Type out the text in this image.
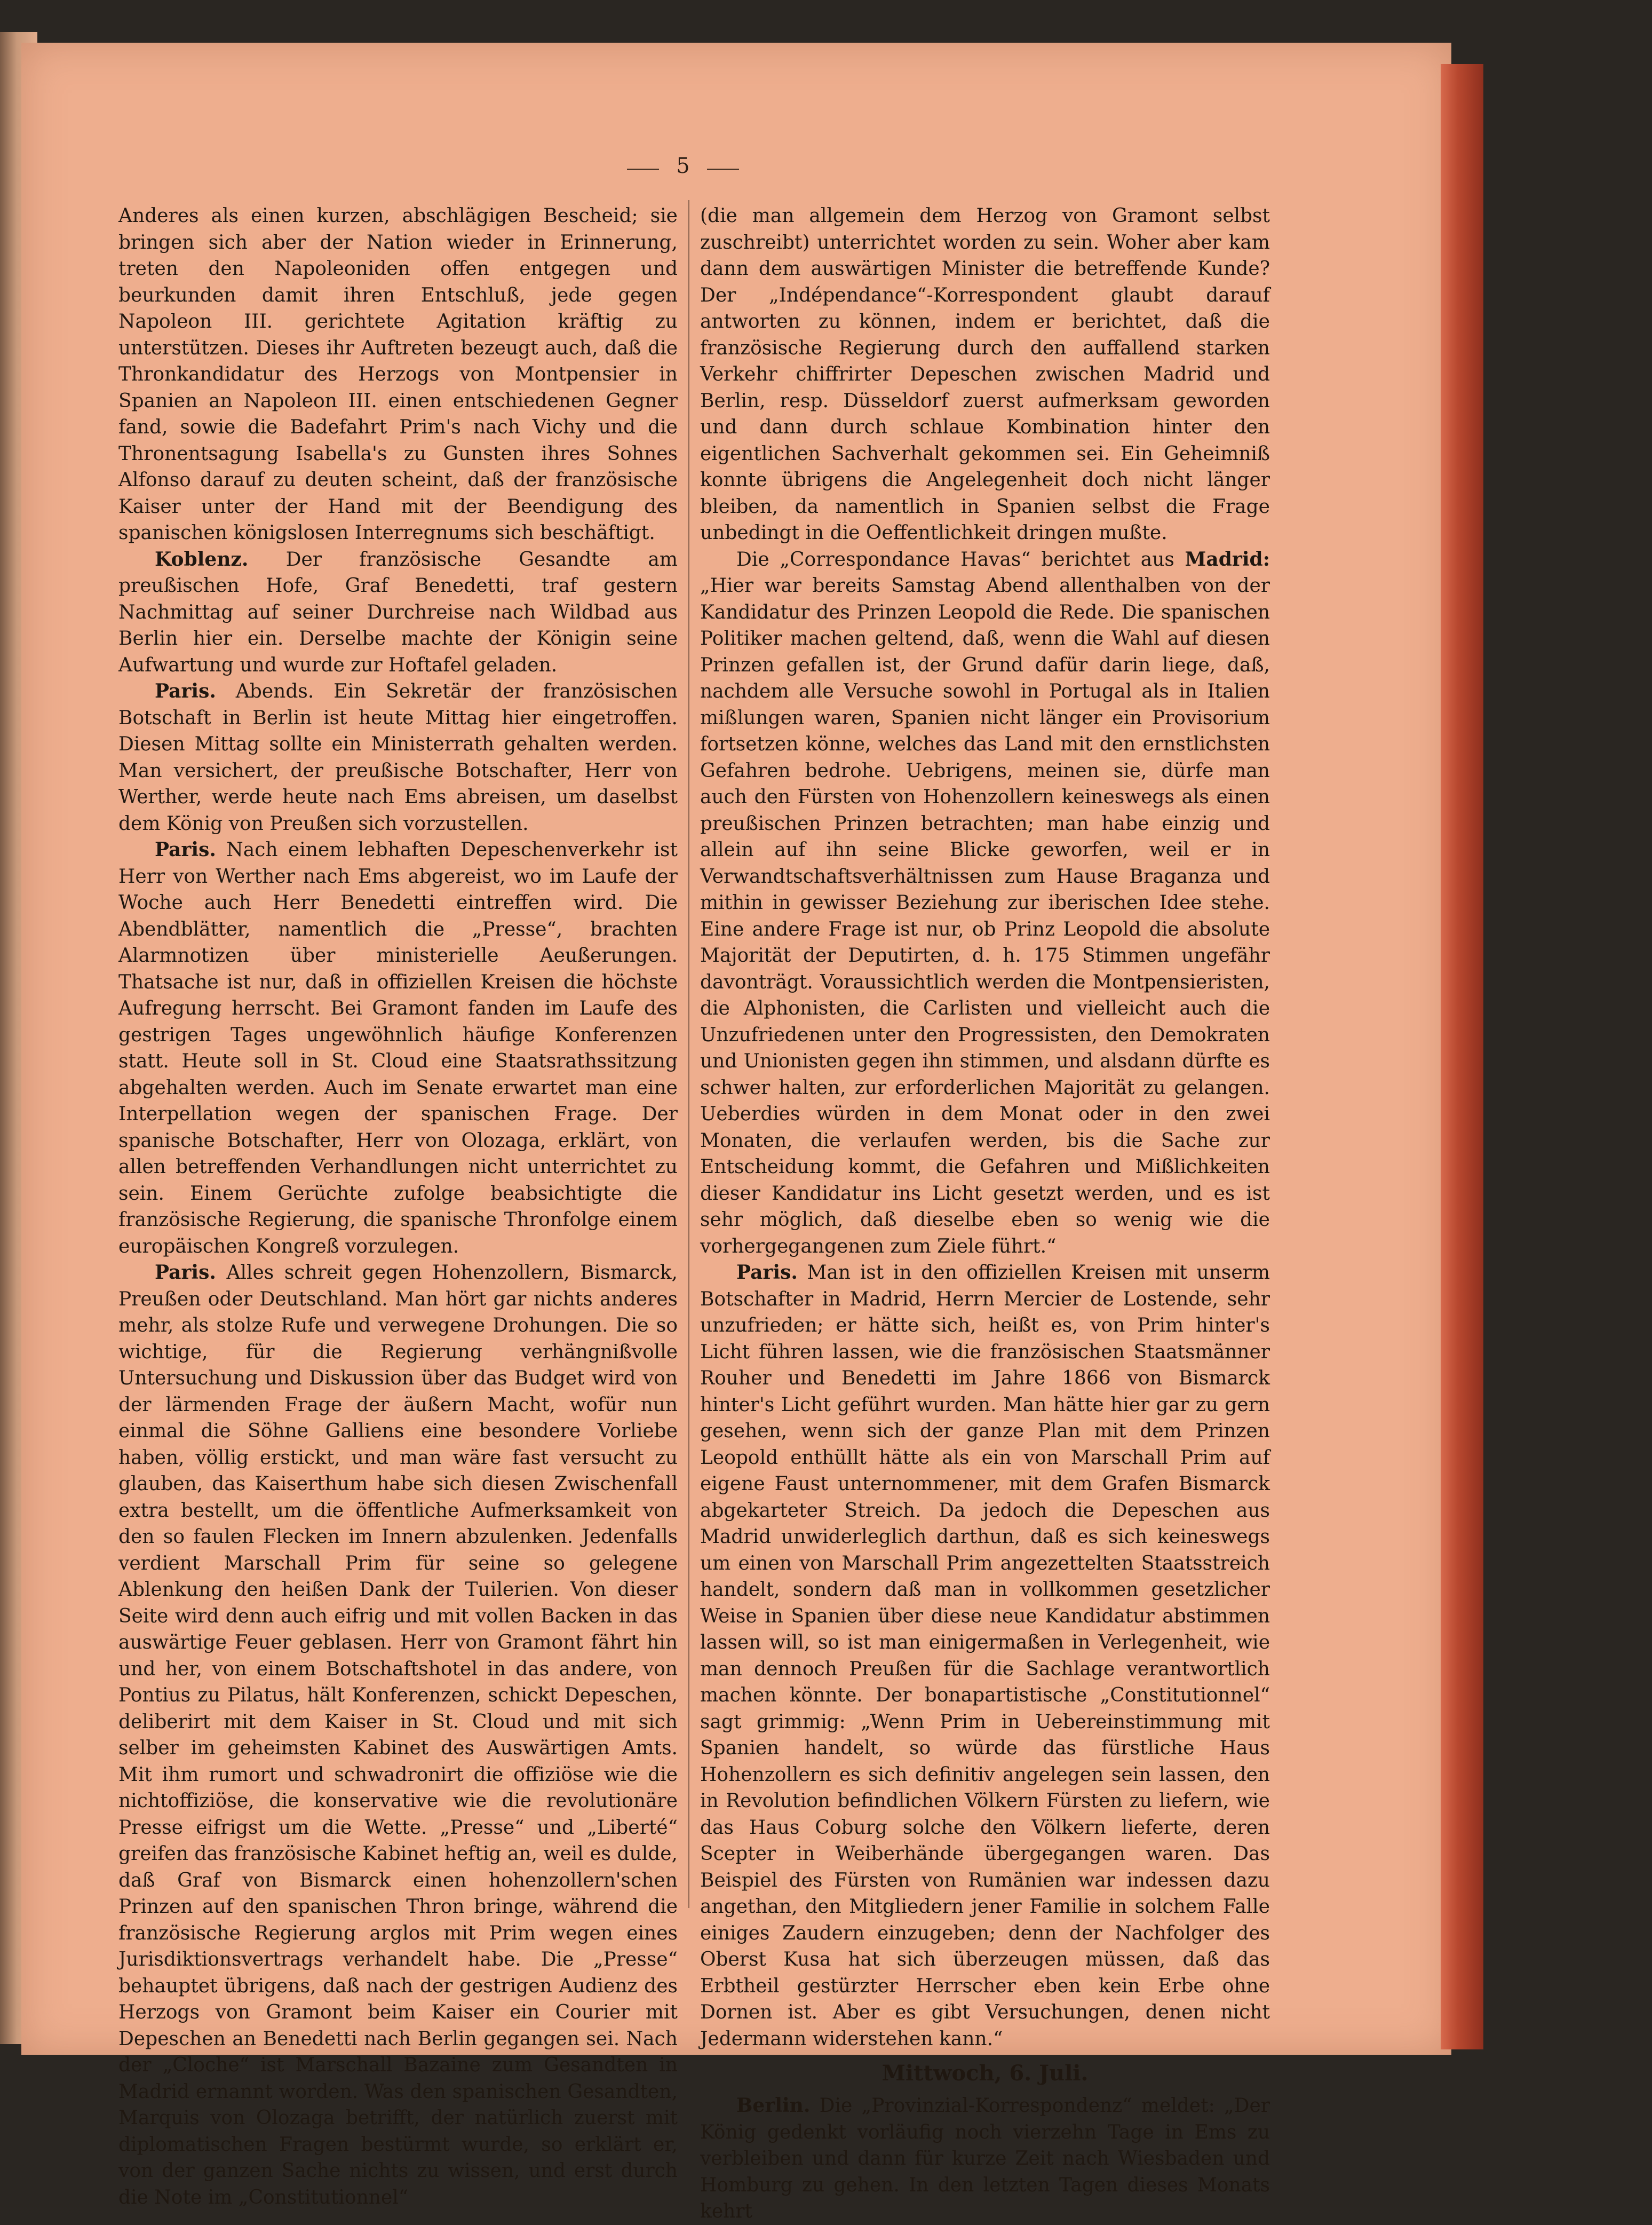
5

Anderes als einen kurzen, abschlägigen Bescheid; sie bringen sich aber der Nation wieder in Erinnerung, treten den Napoleoniden offen entgegen und beurkunden damit ihren Entschluß, jede gegen Napoleon III. gerichtete Agitation kräftig zu unterstützen. Dieses ihr Auftreten bezeugt auch, daß die Thronkandidatur des Herzogs von Montpensier in Spanien an Napoleon III. einen entschiedenen Gegner fand, sowie die Badefahrt Prim's nach Vichy und die Thronentsagung Isabella's zu Gunsten ihres Sohnes Alfonso darauf zu deuten scheint, daß der französische Kaiser unter der Hand mit der Beendigung des spanischen königslosen Interregnums sich beschäftigt.

Koblenz. Der französische Gesandte am preußischen Hofe, Graf Benedetti, traf gestern Nachmittag auf seiner Durchreise nach Wildbad aus Berlin hier ein. Derselbe machte der Königin seine Aufwartung und wurde zur Hoftafel geladen.

Paris. Abends. Ein Sekretär der französischen Botschaft in Berlin ist heute Mittag hier eingetroffen. Diesen Mittag sollte ein Ministerrath gehalten werden. Man versichert, der preußische Botschafter, Herr von Werther, werde heute nach Ems abreisen, um daselbst dem König von Preußen sich vorzustellen.

Paris. Nach einem lebhaften Depeschenverkehr ist Herr von Werther nach Ems abgereist, wo im Laufe der Woche auch Herr Benedetti eintreffen wird. Die Abendblätter, namentlich die „Presse“, brachten Alarmnotizen über ministerielle Aeußerungen. Thatsache ist nur, daß in offiziellen Kreisen die höchste Aufregung herrscht. Bei Gramont fanden im Laufe des gestrigen Tages ungewöhnlich häufige Konferenzen statt. Heute soll in St. Cloud eine Staatsrathssitzung abgehalten werden. Auch im Senate erwartet man eine Interpellation wegen der spanischen Frage. Der spanische Botschafter, Herr von Olozaga, erklärt, von allen betreffenden Verhandlungen nicht unterrichtet zu sein. Einem Gerüchte zufolge beabsichtigte die französische Regierung, die spanische Thronfolge einem europäischen Kongreß vorzulegen.

Paris. Alles schreit gegen Hohenzollern, Bismarck, Preußen oder Deutschland. Man hört gar nichts anderes mehr, als stolze Rufe und verwegene Drohungen. Die so wichtige, für die Regierung verhängnißvolle Untersuchung und Diskussion über das Budget wird von der lärmenden Frage der äußern Macht, wofür nun einmal die Söhne Galliens eine besondere Vorliebe haben, völlig erstickt, und man wäre fast versucht zu glauben, das Kaiserthum habe sich diesen Zwischenfall extra bestellt, um die öffentliche Aufmerksamkeit von den so faulen Flecken im Innern abzulenken. Jedenfalls verdient Marschall Prim für seine so gelegene Ablenkung den heißen Dank der Tuilerien. Von dieser Seite wird denn auch eifrig und mit vollen Backen in das auswärtige Feuer geblasen. Herr von Gramont fährt hin und her, von einem Botschaftshotel in das andere, von Pontius zu Pilatus, hält Konferenzen, schickt Depeschen, deliberirt mit dem Kaiser in St. Cloud und mit sich selber im geheimsten Kabinet des Auswärtigen Amts. Mit ihm rumort und schwadronirt die offiziöse wie die nichtoffiziöse, die konservative wie die revolutionäre Presse eifrigst um die Wette. „Presse“ und „Liberté“ greifen das französische Kabinet heftig an, weil es dulde, daß Graf von Bismarck einen hohenzollern'schen Prinzen auf den spanischen Thron bringe, während die französische Regierung arglos mit Prim wegen eines Jurisdiktionsvertrags verhandelt habe. Die „Presse“ behauptet übrigens, daß nach der gestrigen Audienz des Herzogs von Gramont beim Kaiser ein Courier mit Depeschen an Benedetti nach Berlin gegangen sei. Nach der „Cloche“ ist Marschall Bazaine zum Gesandten in Madrid ernannt worden. Was den spanischen Gesandten, Marquis von Olozaga betrifft, der natürlich zuerst mit diplomatischen Fragen bestürmt wurde, so erklärt er, von der ganzen Sache nichts zu wissen, und erst durch die Note im „Constitutionnel“

(die man allgemein dem Herzog von Gramont selbst zuschreibt) unterrichtet worden zu sein. Woher aber kam dann dem auswärtigen Minister die betreffende Kunde? Der „Indépendance“-Korrespondent glaubt darauf antworten zu können, indem er berichtet, daß die französische Regierung durch den auffallend starken Verkehr chiffrirter Depeschen zwischen Madrid und Berlin, resp. Düsseldorf zuerst aufmerksam geworden und dann durch schlaue Kombination hinter den eigentlichen Sachverhalt gekommen sei. Ein Geheimniß konnte übrigens die Angelegenheit doch nicht länger bleiben, da namentlich in Spanien selbst die Frage unbedingt in die Oeffentlichkeit dringen mußte.

Die „Correspondance Havas“ berichtet aus Madrid: „Hier war bereits Samstag Abend allenthalben von der Kandidatur des Prinzen Leopold die Rede. Die spanischen Politiker machen geltend, daß, wenn die Wahl auf diesen Prinzen gefallen ist, der Grund dafür darin liege, daß, nachdem alle Versuche sowohl in Portugal als in Italien mißlungen waren, Spanien nicht länger ein Provisorium fortsetzen könne, welches das Land mit den ernstlichsten Gefahren bedrohe. Uebrigens, meinen sie, dürfe man auch den Fürsten von Hohenzollern keineswegs als einen preußischen Prinzen betrachten; man habe einzig und allein auf ihn seine Blicke geworfen, weil er in Verwandtschaftsverhältnissen zum Hause Braganza und mithin in gewisser Beziehung zur iberischen Idee stehe. Eine andere Frage ist nur, ob Prinz Leopold die absolute Majorität der Deputirten, d. h. 175 Stimmen ungefähr davonträgt. Voraussichtlich werden die Montpensieristen, die Alphonisten, die Carlisten und vielleicht auch die Unzufriedenen unter den Progressisten, den Demokraten und Unionisten gegen ihn stimmen, und alsdann dürfte es schwer halten, zur erforderlichen Majorität zu gelangen. Ueberdies würden in dem Monat oder in den zwei Monaten, die verlaufen werden, bis die Sache zur Entscheidung kommt, die Gefahren und Mißlichkeiten dieser Kandidatur ins Licht gesetzt werden, und es ist sehr möglich, daß dieselbe eben so wenig wie die vorhergegangenen zum Ziele führt.“

Paris. Man ist in den offiziellen Kreisen mit unserm Botschafter in Madrid, Herrn Mercier de Lostende, sehr unzufrieden; er hätte sich, heißt es, von Prim hinter's Licht führen lassen, wie die französischen Staatsmänner Rouher und Benedetti im Jahre 1866 von Bismarck hinter's Licht geführt wurden. Man hätte hier gar zu gern gesehen, wenn sich der ganze Plan mit dem Prinzen Leopold enthüllt hätte als ein von Marschall Prim auf eigene Faust unternommener, mit dem Grafen Bismarck abgekarteter Streich. Da jedoch die Depeschen aus Madrid unwiderleglich darthun, daß es sich keineswegs um einen von Marschall Prim angezettelten Staatsstreich handelt, sondern daß man in vollkommen gesetzlicher Weise in Spanien über diese neue Kandidatur abstimmen lassen will, so ist man einigermaßen in Verlegenheit, wie man dennoch Preußen für die Sachlage verantwortlich machen könnte. Der bonapartistische „Constitutionnel“ sagt grimmig: „Wenn Prim in Uebereinstimmung mit Spanien handelt, so würde das fürstliche Haus Hohenzollern es sich definitiv angelegen sein lassen, den in Revolution befindlichen Völkern Fürsten zu liefern, wie das Haus Coburg solche den Völkern lieferte, deren Scepter in Weiberhände übergegangen waren. Das Beispiel des Fürsten von Rumänien war indessen dazu angethan, den Mitgliedern jener Familie in solchem Falle einiges Zaudern einzugeben; denn der Nachfolger des Oberst Kusa hat sich überzeugen müssen, daß das Erbtheil gestürzter Herrscher eben kein Erbe ohne Dornen ist. Aber es gibt Versuchungen, denen nicht Jedermann widerstehen kann.“

Mittwoch, 6. Juli.

Berlin. Die „Provinzial-Korrespondenz“ meldet: „Der König gedenkt vorläufig noch vierzehn Tage in Ems zu verbleiben und dann für kurze Zeit nach Wiesbaden und Homburg zu gehen. In den letzten Tagen dieses Monats kehrt
